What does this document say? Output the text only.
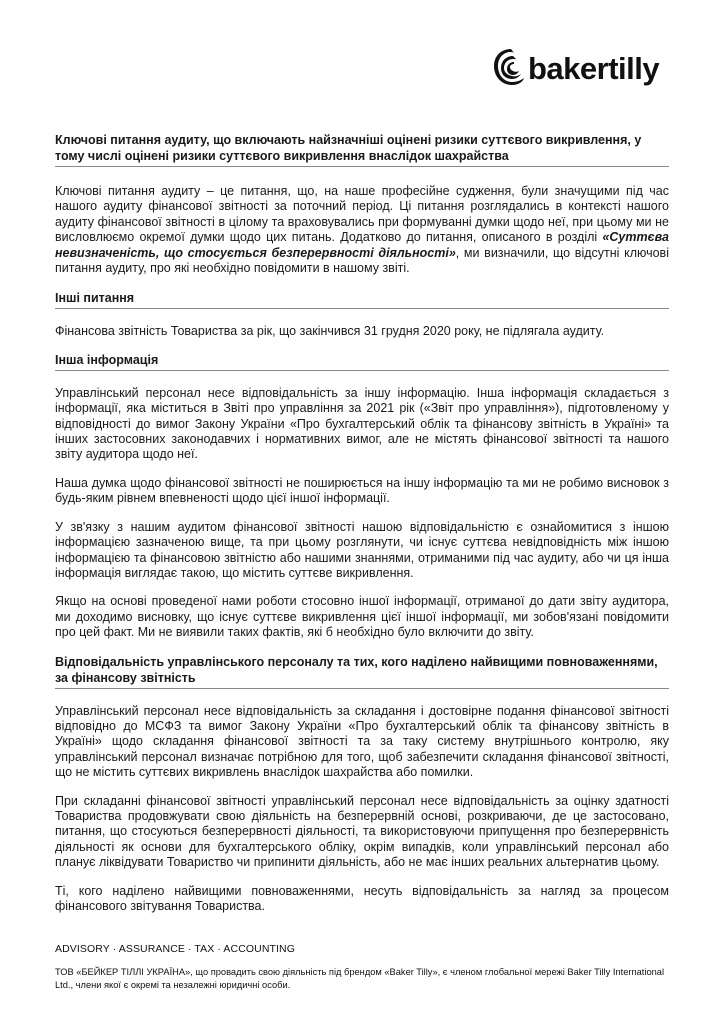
bakertilly

Ключові питання аудиту, що включають найзначніші оцінені ризики суттєвого викривлення, у тому числі оцінені ризики суттєвого викривлення внаслідок шахрайства

Ключові питання аудиту – це питання, що, на наше професійне судження, були значущими під час нашого аудиту фінансової звітності за поточний період. Ці питання розглядались в контексті нашого аудиту фінансової звітності в цілому та враховувались при формуванні думки щодо неї, при цьому ми не висловлюємо окремої думки щодо цих питань. Додатково до питання, описаного в розділі «Суттєва невизначеність, що стосується безперервності діяльності», ми визначили, що відсутні ключові питання аудиту, про які необхідно повідомити в нашому звіті.

Інші питання

Фінансова звітність Товариства за рік, що закінчився 31 грудня 2020 року, не підлягала аудиту.

Інша інформація

Управлінський персонал несе відповідальність за іншу інформацію. Інша інформація складається з інформації, яка міститься в Звіті про управління за 2021 рік («Звіт про управління»), підготовленому у відповідності до вимог Закону України «Про бухгалтерський облік та фінансову звітність в Україні» та інших застосовних законодавчих і нормативних вимог, але не містять фінансової звітності та нашого звіту аудитора щодо неї.

Наша думка щодо фінансової звітності не поширюється на іншу інформацію та ми не робимо висновок з будь-яким рівнем впевненості щодо цієї іншої інформації.

У зв'язку з нашим аудитом фінансової звітності нашою відповідальністю є ознайомитися з іншою інформацією зазначеною вище, та при цьому розглянути, чи існує суттєва невідповідність між іншою інформацією та фінансовою звітністю або нашими знаннями, отриманими під час аудиту, або чи ця інша інформація виглядає такою, що містить суттєве викривлення.

Якщо на основі проведеної нами роботи стосовно іншої інформації, отриманої до дати звіту аудитора, ми доходимо висновку, що існує суттєве викривлення цієї іншої інформації, ми зобов'язані повідомити про цей факт. Ми не виявили таких фактів, які б необхідно було включити до звіту.

Відповідальність управлінського персоналу та тих, кого наділено найвищими повноваженнями, за фінансову звітність

Управлінський персонал несе відповідальність за складання і достовірне подання фінансової звітності відповідно до МСФЗ та вимог Закону України «Про бухгалтерський облік та фінансову звітність в Україні» щодо складання фінансової звітності та за таку систему внутрішнього контролю, яку управлінський персонал визначає потрібною для того, щоб забезпечити складання фінансової звітності, що не містить суттєвих викривлень внаслідок шахрайства або помилки.

При складанні фінансової звітності управлінський персонал несе відповідальність за оцінку здатності Товариства продовжувати свою діяльність на безперервній основі, розкриваючи, де це застосовано, питання, що стосуються безперервності діяльності, та використовуючи припущення про безперервність діяльності як основи для бухгалтерського обліку, окрім випадків, коли управлінський персонал або планує ліквідувати Товариство чи припинити діяльність, або не має інших реальних альтернатив цьому.

Ті, кого наділено найвищими повноваженнями, несуть відповідальність за нагляд за процесом фінансового звітування Товариства.

ADVISORY · ASSURANCE · TAX · ACCOUNTING
ТОВ «БЕЙКЕР ТІЛЛІ УКРАЇНА», що провадить свою діяльність під брендом «Baker Tilly», є членом глобальної мережі Baker Tilly International Ltd., члени якої є окремі та незалежні юридичні особи.
